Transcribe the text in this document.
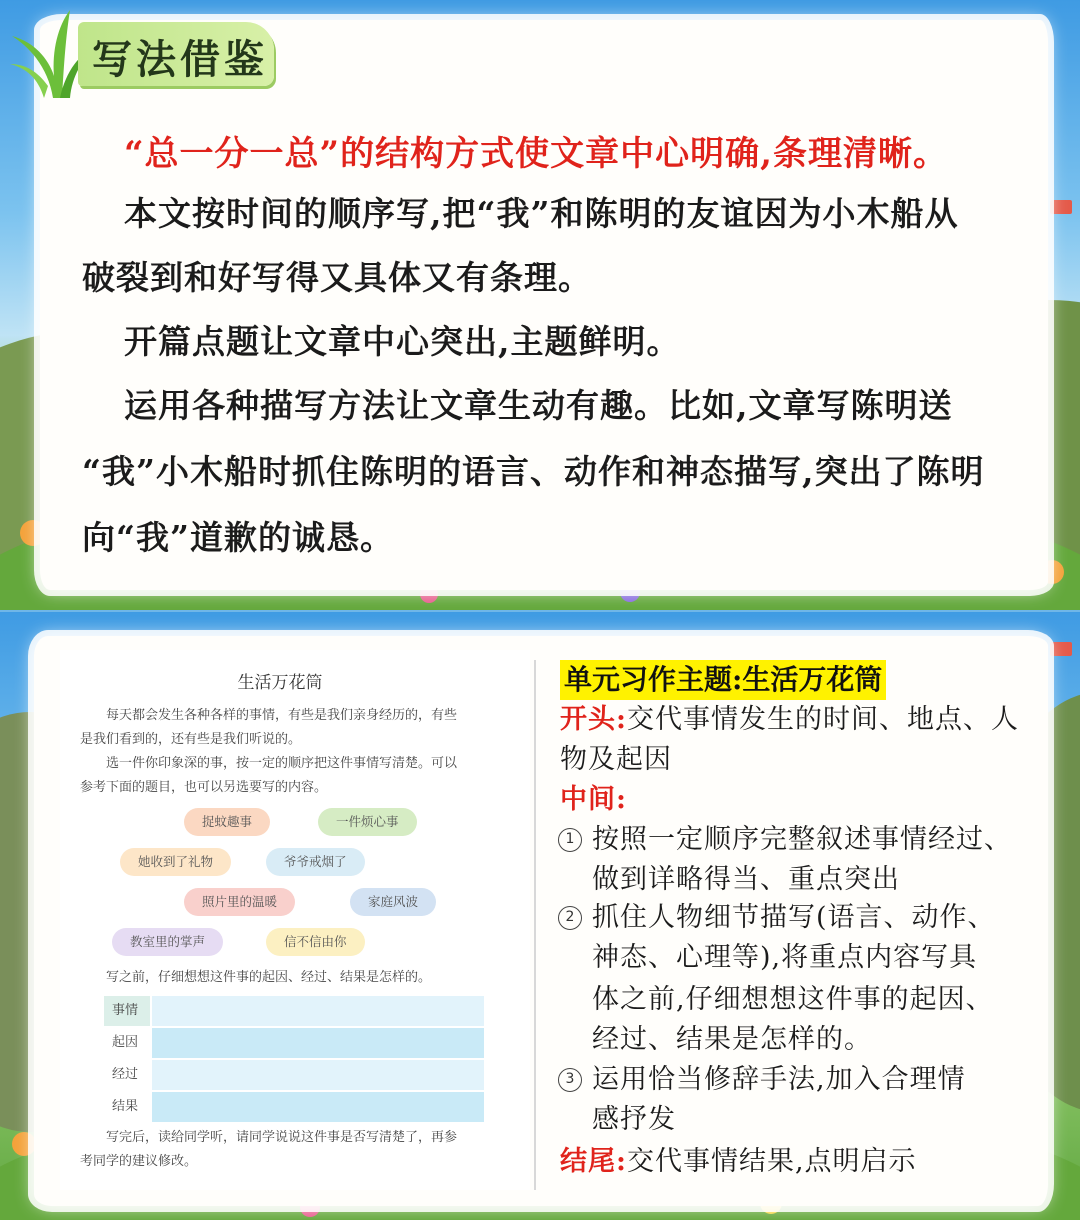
写法借鉴
“总一分一总”的结构方式使文章中心明确,条理清晰。
本文按时间的顺序写,把“我”和陈明的友谊因为小木船从
破裂到和好写得又具体又有条理。
开篇点题让文章中心突出,主题鲜明。
运用各种描写方法让文章生动有趣。比如,文章写陈明送
“我”小木船时抓住陈明的语言、动作和神态描写,突出了陈明
向“我”道歉的诚恳。
生活万花筒
每天都会发生各种各样的事情，有些是我们亲身经历的，有些
是我们看到的，还有些是我们听说的。
选一件你印象深的事，按一定的顺序把这件事情写清楚。可以
参考下面的题目，也可以另选要写的内容。
捉蚊趣事	一件烦心事
她收到了礼物	爷爷戒烟了
照片里的温暖	家庭风波
教室里的掌声	信不信由你
写之前，仔细想想这件事的起因、经过、结果是怎样的。
事情
起因
经过
结果
写完后，读给同学听，请同学说说这件事是否写清楚了，再参
考同学的建议修改。
单元习作主题:生活万花筒
开头:交代事情发生的时间、地点、人
物及起因
中间:
1 按照一定顺序完整叙述事情经过、
做到详略得当、重点突出
2 抓住人物细节描写(语言、动作、
神态、心理等),将重点内容写具
体之前,仔细想想这件事的起因、
经过、结果是怎样的。
3 运用恰当修辞手法,加入合理情
感抒发
结尾:交代事情结果,点明启示
